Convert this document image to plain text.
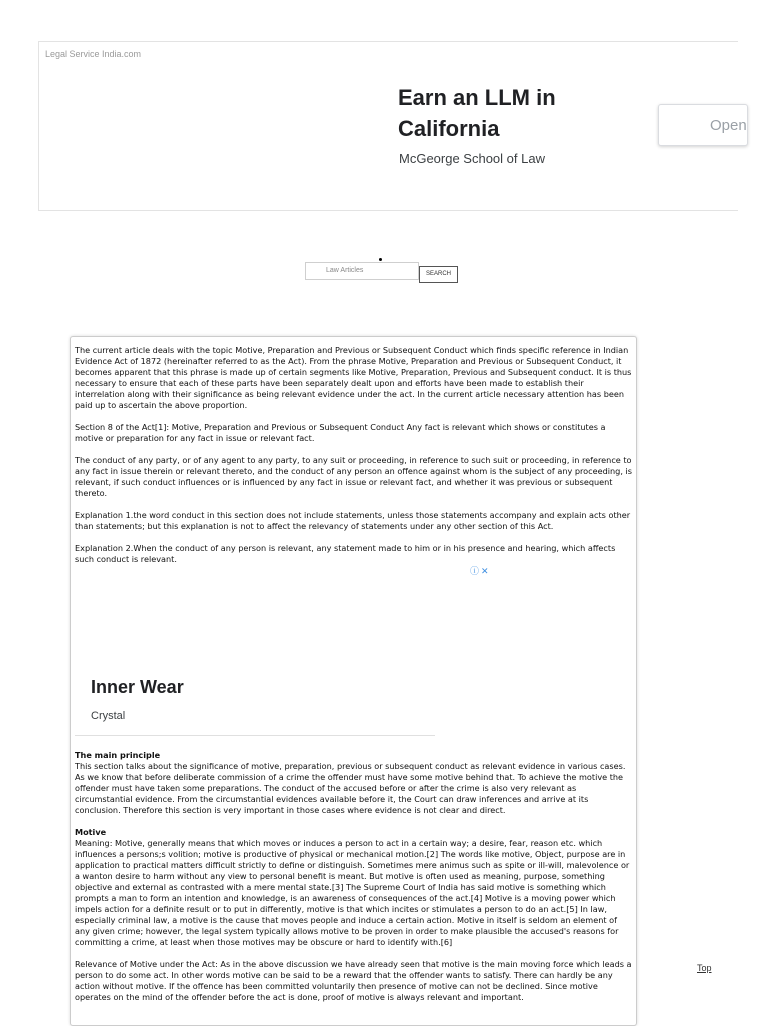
Legal Service India.com
Earn an LLM in California
McGeorge School of Law
Open
Law Articles	SEARCH

The current article deals with the topic Motive, Preparation and Previous or Subsequent Conduct which finds specific reference in Indian Evidence Act of 1872 (hereinafter referred to as the Act). From the phrase Motive, Preparation and Previous or Subsequent Conduct, it becomes apparent that this phrase is made up of certain segments like Motive, Preparation, Previous and Subsequent conduct. It is thus necessary to ensure that each of these parts have been separately dealt upon and efforts have been made to establish their interrelation along with their significance as being relevant evidence under the act. In the current article necessary attention has been paid up to ascertain the above proportion.

Section 8 of the Act[1]: Motive, Preparation and Previous or Subsequent Conduct Any fact is relevant which shows or constitutes a motive or preparation for any fact in issue or relevant fact.

The conduct of any party, or of any agent to any party, to any suit or proceeding, in reference to such suit or proceeding, in reference to any fact in issue therein or relevant thereto, and the conduct of any person an offence against whom is the subject of any proceeding, is relevant, if such conduct influences or is influenced by any fact in issue or relevant fact, and whether it was previous or subsequent thereto.

Explanation 1.the word conduct in this section does not include statements, unless those statements accompany and explain acts other than statements; but this explanation is not to affect the relevancy of statements under any other section of this Act.

Explanation 2.When the conduct of any person is relevant, any statement made to him or in his presence and hearing, which affects such conduct is relevant.

ⓘ✕
Inner Wear
Crystal
The main principle

This section talks about the significance of motive, preparation, previous or subsequent conduct as relevant evidence in various cases. As we know that before deliberate commission of a crime the offender must have some motive behind that. To achieve the motive the offender must have taken some preparations. The conduct of the accused before or after the crime is also very relevant as circumstantial evidence. From the circumstantial evidences available before it, the Court can draw inferences and arrive at its conclusion. Therefore this section is very important in those cases where evidence is not clear and direct.

Motive

Meaning: Motive, generally means that which moves or induces a person to act in a certain way; a desire, fear, reason etc. which influences a persons;s volition; motive is productive of physical or mechanical motion.[2] The words like motive, Object, purpose are in application to practical matters difficult strictly to define or distinguish. Sometimes mere animus such as spite or ill-will, malevolence or a wanton desire to harm without any view to personal benefit is meant. But motive is often used as meaning, purpose, something objective and external as contrasted with a mere mental state.[3] The Supreme Court of India has said motive is something which prompts a man to form an intention and knowledge, is an awareness of consequences of the act.[4] Motive is a moving power which impels action for a definite result or to put in differently, motive is that which incites or stimulates a person to do an act.[5] In law, especially criminal law, a motive is the cause that moves people and induce a certain action. Motive in itself is seldom an element of any given crime; however, the legal system typically allows motive to be proven in order to make plausible the accused's reasons for committing a crime, at least when those motives may be obscure or hard to identify with.[6]

Relevance of Motive under the Act: As in the above discussion we have already seen that motive is the main moving force which leads a person to do some act. In other words motive can be said to be a reward that the offender wants to satisfy. There can hardly be any action without motive. If the offence has been committed voluntarily then presence of motive can not be declined. Since motive operates on the mind of the offender before the act is done, proof of motive is always relevant and important.

Top
